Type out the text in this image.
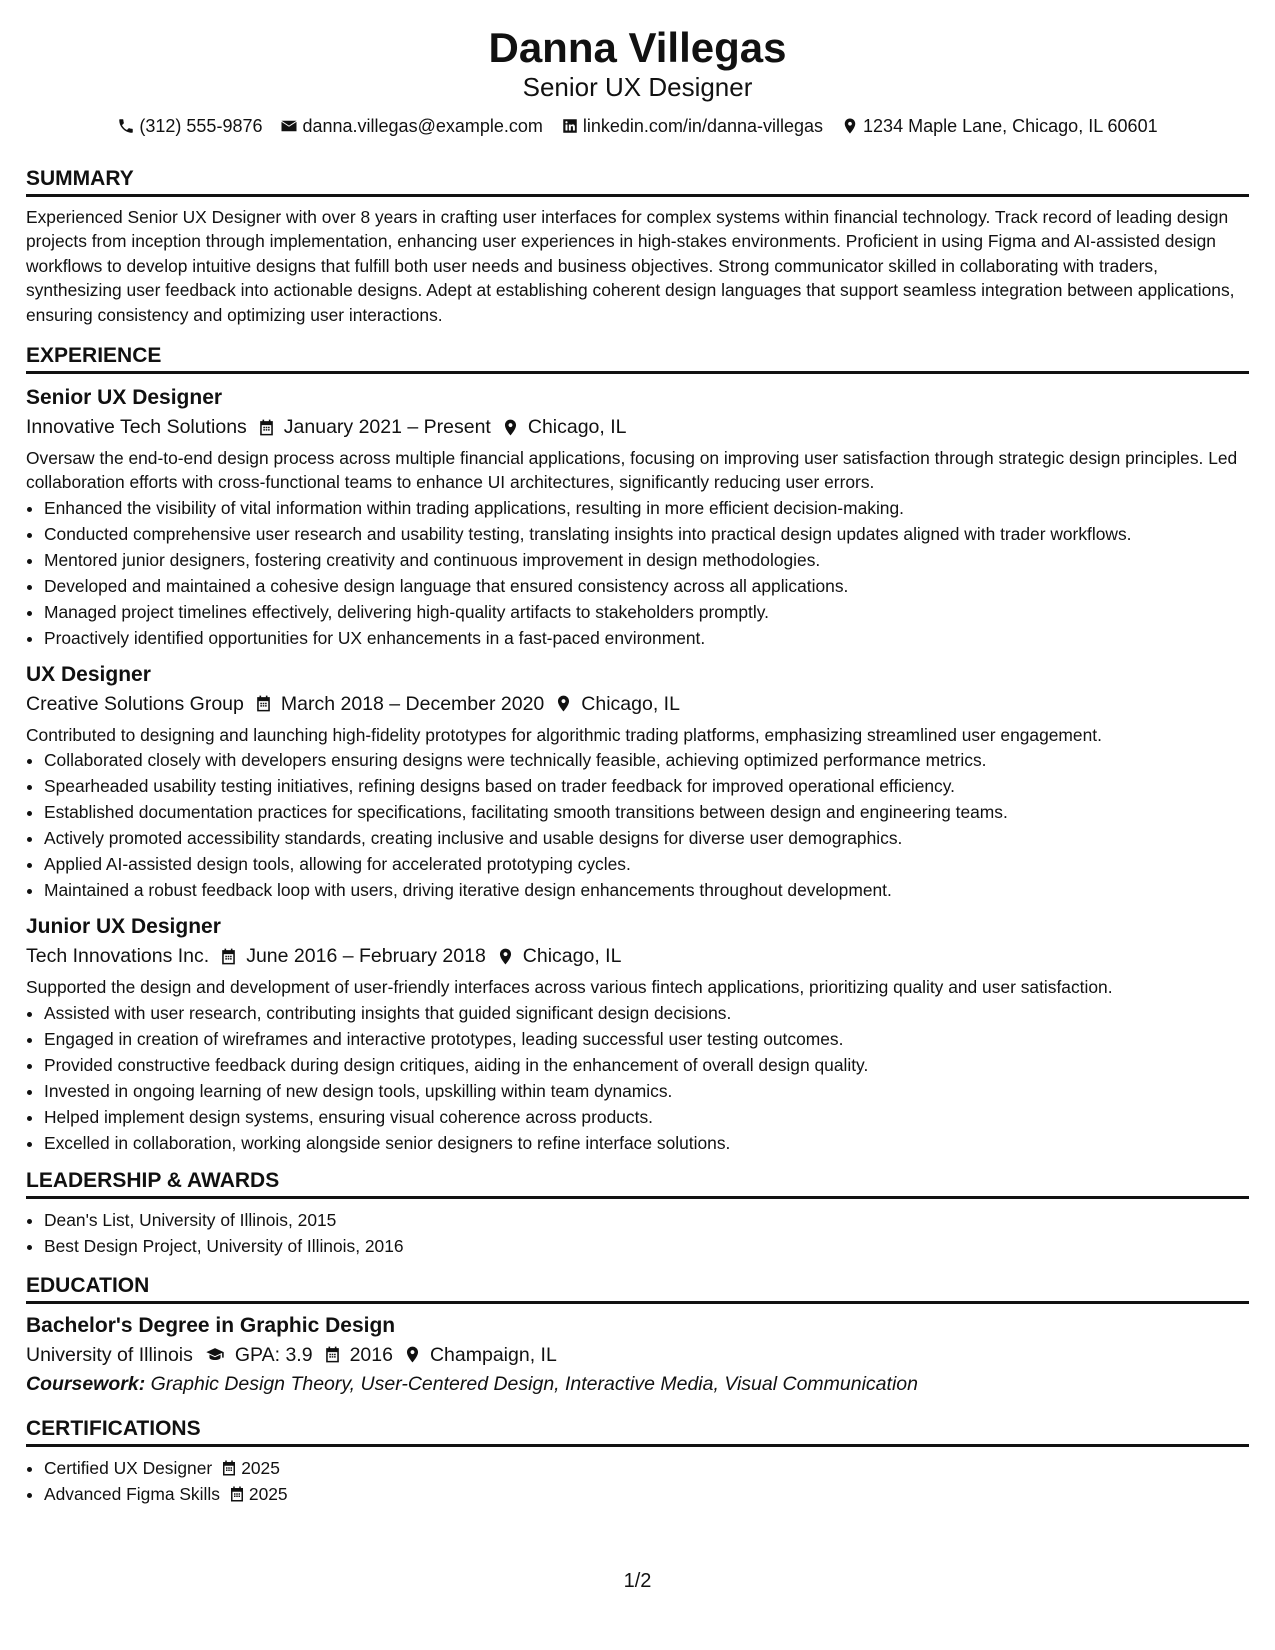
Danna Villegas
Senior UX Designer
(312) 555-9876 danna.villegas@example.com linkedin.com/in/danna-villegas 1234 Maple Lane, Chicago, IL 60601
SUMMARY

Experienced Senior UX Designer with over 8 years in crafting user interfaces for complex systems within financial technology. Track record of leading design projects from inception through implementation, enhancing user experiences in high-stakes environments. Proficient in using Figma and AI-assisted design workflows to develop intuitive designs that fulfill both user needs and business objectives. Strong communicator skilled in collaborating with traders, synthesizing user feedback into actionable designs. Adept at establishing coherent design languages that support seamless integration between applications, ensuring consistency and optimizing user interactions.

EXPERIENCE
Senior UX Designer
Innovative Tech Solutions January 2021 – Present Chicago, IL

Oversaw the end-to-end design process across multiple financial applications, focusing on improving user satisfaction through strategic design principles. Led collaboration efforts with cross-functional teams to enhance UI architectures, significantly reducing user errors.

• Enhanced the visibility of vital information within trading applications, resulting in more efficient decision-making.
• Conducted comprehensive user research and usability testing, translating insights into practical design updates aligned with trader workflows.
• Mentored junior designers, fostering creativity and continuous improvement in design methodologies.
• Developed and maintained a cohesive design language that ensured consistency across all applications.
• Managed project timelines effectively, delivering high-quality artifacts to stakeholders promptly.
• Proactively identified opportunities for UX enhancements in a fast-paced environment.
UX Designer
Creative Solutions Group March 2018 – December 2020 Chicago, IL

Contributed to designing and launching high-fidelity prototypes for algorithmic trading platforms, emphasizing streamlined user engagement.

• Collaborated closely with developers ensuring designs were technically feasible, achieving optimized performance metrics.
• Spearheaded usability testing initiatives, refining designs based on trader feedback for improved operational efficiency.
• Established documentation practices for specifications, facilitating smooth transitions between design and engineering teams.
• Actively promoted accessibility standards, creating inclusive and usable designs for diverse user demographics.
• Applied AI-assisted design tools, allowing for accelerated prototyping cycles.
• Maintained a robust feedback loop with users, driving iterative design enhancements throughout development.
Junior UX Designer
Tech Innovations Inc. June 2016 – February 2018 Chicago, IL

Supported the design and development of user-friendly interfaces across various fintech applications, prioritizing quality and user satisfaction.

• Assisted with user research, contributing insights that guided significant design decisions.
• Engaged in creation of wireframes and interactive prototypes, leading successful user testing outcomes.
• Provided constructive feedback during design critiques, aiding in the enhancement of overall design quality.
• Invested in ongoing learning of new design tools, upskilling within team dynamics.
• Helped implement design systems, ensuring visual coherence across products.
• Excelled in collaboration, working alongside senior designers to refine interface solutions.
LEADERSHIP & AWARDS
• Dean's List, University of Illinois, 2015
• Best Design Project, University of Illinois, 2016
EDUCATION
Bachelor's Degree in Graphic Design
University of Illinois GPA: 3.9 2016 Champaign, IL
Coursework: Graphic Design Theory, User-Centered Design, Interactive Media, Visual Communication
CERTIFICATIONS
• Certified UX Designer 2025
• Advanced Figma Skills 2025
1/2
